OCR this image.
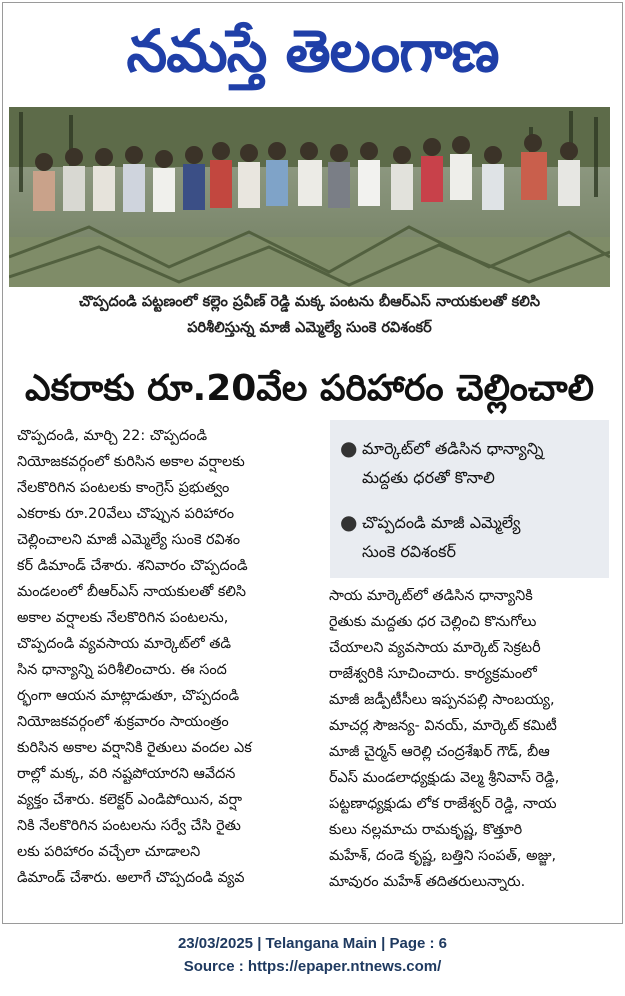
నమస్తే తెలంగాణ
చొప్పదండి పట్టణంలో కల్లెం ప్రవీణ్ రెడ్డి మక్క పంటను బీఆర్ఎస్ నాయకులతో కలిసి
పరిశీలిస్తున్న మాజీ ఎమ్మెల్యే సుంకె రవిశంకర్
ఎకరాకు రూ.20వేల పరిహారం చెల్లించాలి
చొప్పదండి, మార్చి 22: చొప్పదండి
నియోజకవర్గంలో కురిసిన అకాల వర్షాలకు
నేలకొరిగిన పంటలకు కాంగ్రెస్ ప్రభుత్వం
ఎకరాకు రూ.20వేలు చొప్పున పరిహారం
చెల్లించాలని మాజీ ఎమ్మెల్యే సుంకె రవిశం
కర్ డిమాండ్ చేశారు. శనివారం చొప్పదండి
మండలంలో బీఆర్ఎస్ నాయకులతో కలిసి
అకాల వర్షాలకు నేలకొరిగిన పంటలను,
చొప్పదండి వ్యవసాయ మార్కెట్‌లో తడి
సిన ధాన్యాన్ని పరిశీలించారు. ఈ సంద
ర్భంగా ఆయన మాట్లాడుతూ, చొప్పదండి
నియోజకవర్గంలో శుక్రవారం సాయంత్రం
కురిసిన అకాల వర్షానికి రైతులు వందల ఎక
రాల్లో మక్క, వరి నష్టపోయారని ఆవేదన
వ్యక్తం చేశారు. కలెక్టర్ ఎండిపోయిన, వర్షా
నికి నేలకొరిగిన పంటలను సర్వే చేసి రైతు
లకు పరిహారం వచ్చేలా చూడాలని
డిమాండ్ చేశారు. అలాగే చొప్పదండి వ్యవ
● మార్కెట్‌లో తడిసిన ధాన్యాన్ని
మద్దతు ధరతో కొనాలి
● చొప్పదండి మాజీ ఎమ్మెల్యే
సుంకె రవిశంకర్
సాయ మార్కెట్‌లో తడిసిన ధాన్యానికి
రైతుకు మద్దతు ధర చెల్లించి కొనుగోలు
చేయాలని వ్యవసాయ మార్కెట్ సెక్రటరీ
రాజేశ్వరికి సూచించారు. కార్యక్రమంలో
మాజీ జడ్పీటీసీలు ఇప్పనపల్లి సాంబయ్య,
మాచర్ల సౌజన్య- వినయ్, మార్కెట్ కమిటీ
మాజీ చైర్మన్ ఆరెల్లి చంద్రశేఖర్ గౌడ్, బీఆ
ర్ఎస్ మండలాధ్యక్షుడు వెల్మ శ్రీనివాస్ రెడ్డి,
పట్టణాధ్యక్షుడు లోక రాజేశ్వర్ రెడ్డి, నాయ
కులు నల్లమాచు రామకృష్ణ, కొత్తూరి
మహేశ్, దండె కృష్ణ, బత్తిని సంపత్, అజ్జు,
మావురం మహేశ్ తదితరులున్నారు.
23/03/2025 | Telangana Main | Page : 6
Source : https://epaper.ntnews.com/
